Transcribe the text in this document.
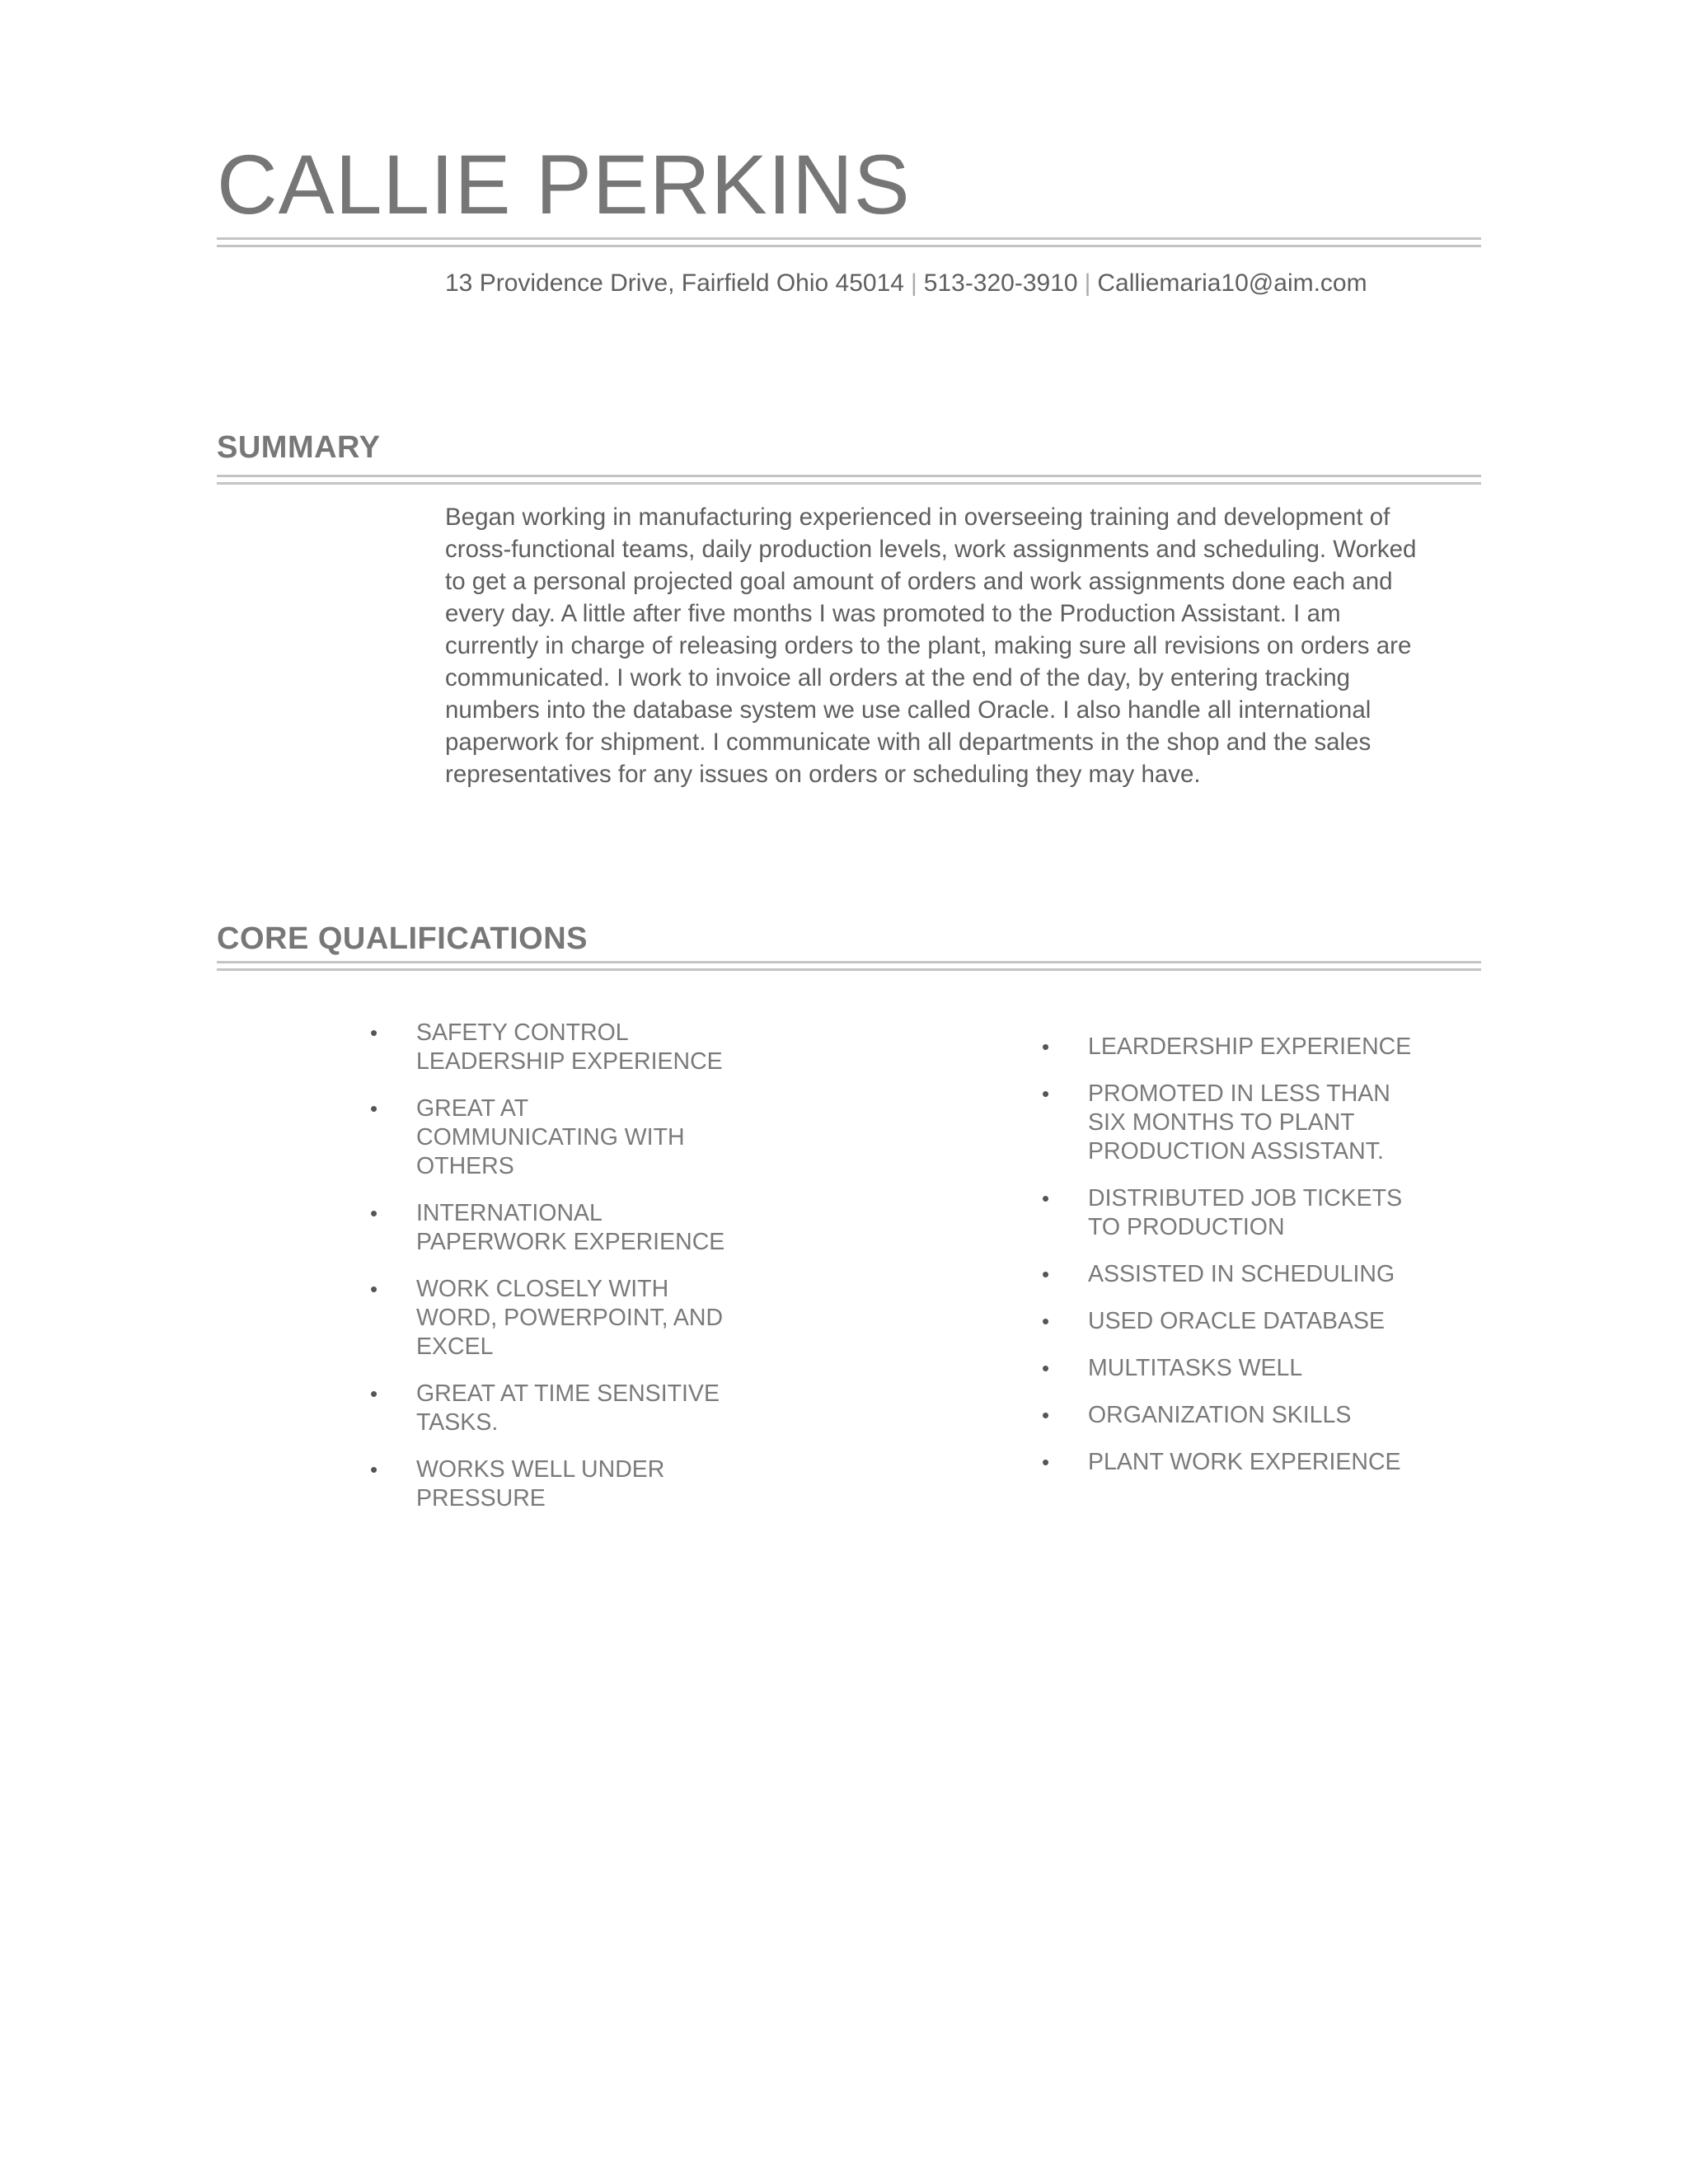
CALLIE PERKINS
13 Providence Drive, Fairfield Ohio 45014 | 513-320-3910 | Calliemaria10@aim.com
SUMMARY

Began working in manufacturing experienced in overseeing training and development of cross-functional teams, daily production levels, work assignments and scheduling. Worked to get a personal projected goal amount of orders and work assignments done each and every day. A little after five months I was promoted to the Production Assistant. I am currently in charge of releasing orders to the plant, making sure all revisions on orders are communicated. I work to invoice all orders at the end of the day, by entering tracking numbers into the database system we use called Oracle. I also handle all international paperwork for shipment. I communicate with all departments in the shop and the sales representatives for any issues on orders or scheduling they may have.

CORE QUALIFICATIONS
• SAFETY CONTROL LEADERSHIP EXPERIENCE
• GREAT AT COMMUNICATING WITH OTHERS
• INTERNATIONAL PAPERWORK EXPERIENCE
• WORK CLOSELY WITH WORD, POWERPOINT, AND EXCEL
• GREAT AT TIME SENSITIVE TASKS.
• WORKS WELL UNDER PRESSURE
• LEARDERSHIP EXPERIENCE
• PROMOTED IN LESS THAN SIX MONTHS TO PLANT PRODUCTION ASSISTANT.
• DISTRIBUTED JOB TICKETS TO PRODUCTION
• ASSISTED IN SCHEDULING
• USED ORACLE DATABASE
• MULTITASKS WELL
• ORGANIZATION SKILLS
• PLANT WORK EXPERIENCE
